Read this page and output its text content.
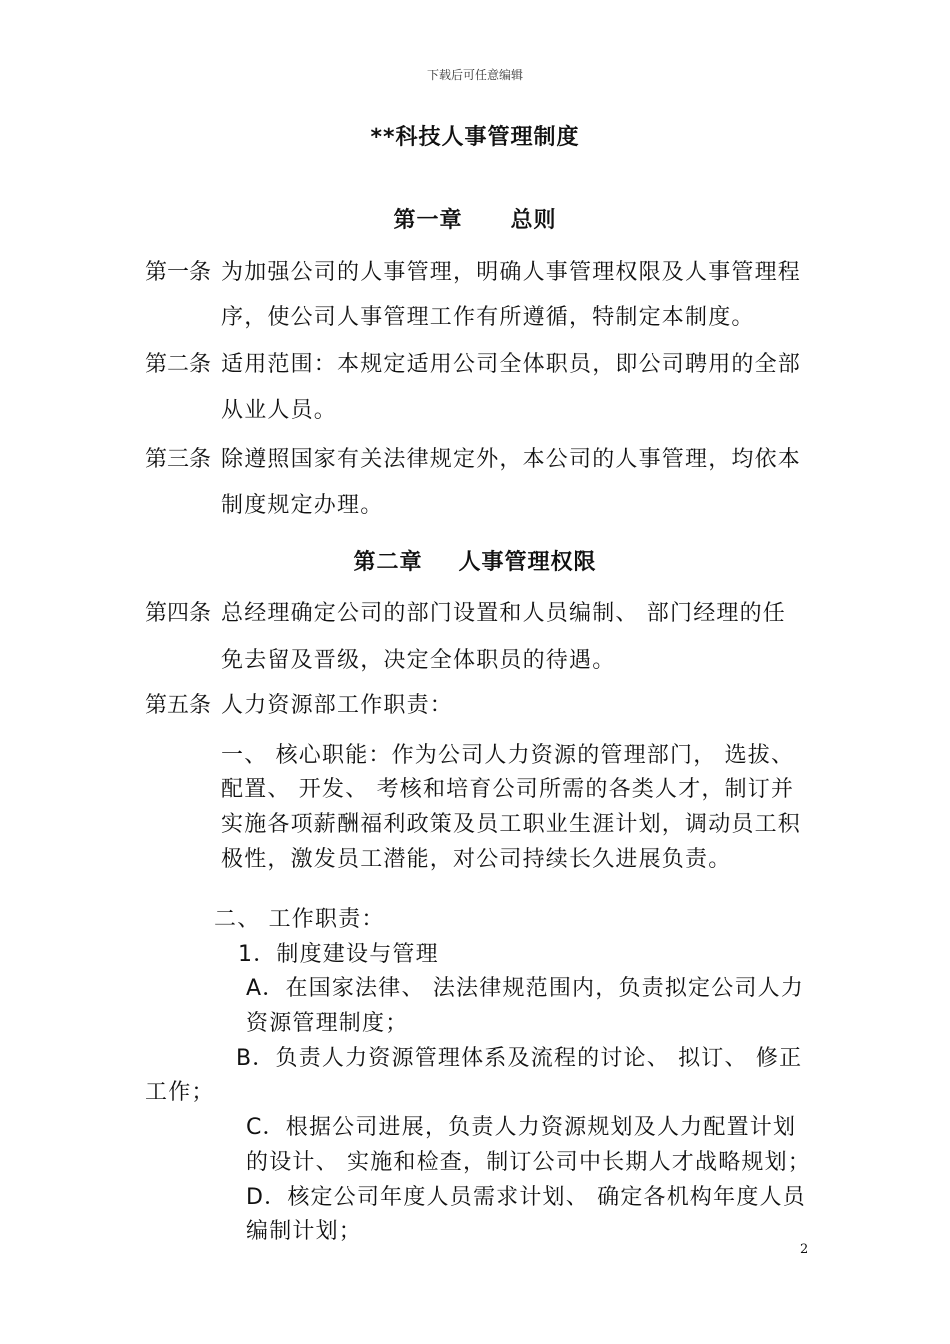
下载后可任意编辑
**科技人事管理制度
第一章 总则
第一条 为加强公司的人事管理，明确人事管理权限及人事管理程
序，使公司人事管理工作有所遵循，特制定本制度。
第二条 适用范围：本规定适用公司全体职员，即公司聘用的全部
从业人员。
第三条 除遵照国家有关法律规定外，本公司的人事管理，均依本
制度规定办理。
第二章 人事管理权限
第四条 总经理确定公司的部门设置和人员编制、 部门经理的任
免去留及晋级，决定全体职员的待遇。
第五条 人力资源部工作职责：
一、 核心职能：作为公司人力资源的管理部门， 选拔、
配置、 开发、 考核和培育公司所需的各类人才，制订并
实施各项薪酬福利政策及员工职业生涯计划，调动员工积
极性，激发员工潜能，对公司持续长久进展负责。
二、 工作职责：
1．制度建设与管理
A．在国家法律、 法法律规范围内，负责拟定公司人力
资源管理制度；
B．负责人力资源管理体系及流程的讨论、 拟订、 修正
工作；
C．根据公司进展，负责人力资源规划及人力配置计划
的设计、 实施和检查，制订公司中长期人才战略规划；
D．核定公司年度人员需求计划、 确定各机构年度人员
编制计划；
2
